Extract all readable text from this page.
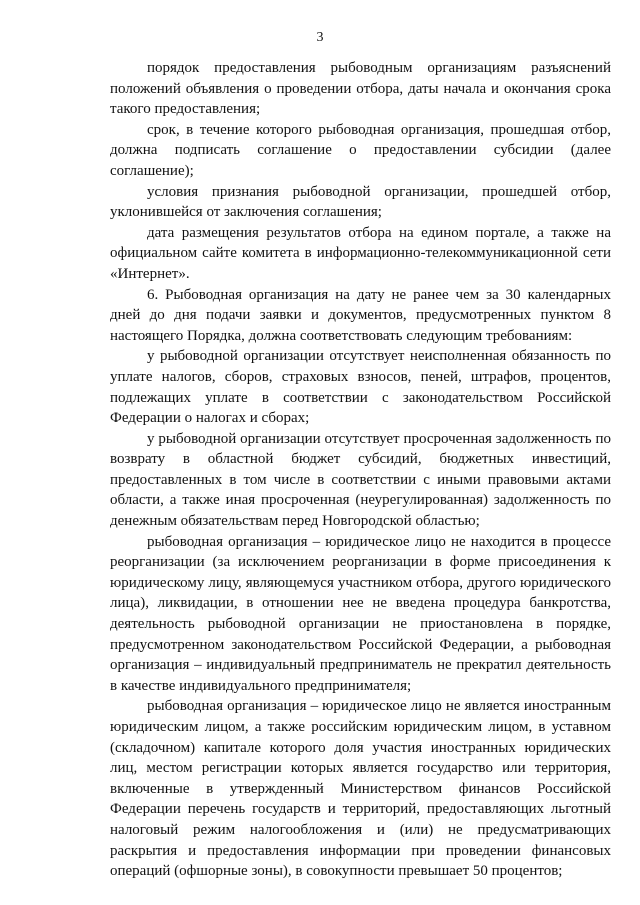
3

порядок предоставления рыбоводным организациям разъяснений положений объявления о проведении отбора, даты начала и окончания срока такого предоставления;

срок, в течение которого рыбоводная организация, прошедшая отбор, должна подписать соглашение о предоставлении субсидии (далее соглашение);

условия признания рыбоводной организации, прошедшей отбор, уклонившейся от заключения соглашения;

дата размещения результатов отбора на едином портале, а также на официальном сайте комитета в информационно-телекоммуникационной сети «Интернет».

6. Рыбоводная организация на дату не ранее чем за 30 календарных дней до дня подачи заявки и документов, предусмотренных пунктом 8 настоящего Порядка, должна соответствовать следующим требованиям:

у рыбоводной организации отсутствует неисполненная обязанность по уплате налогов, сборов, страховых взносов, пеней, штрафов, процентов, подлежащих уплате в соответствии с законодательством Российской Федерации о налогах и сборах;

у рыбоводной организации отсутствует просроченная задолженность по возврату в областной бюджет субсидий, бюджетных инвестиций, предоставленных в том числе в соответствии с иными правовыми актами области, а также иная просроченная (неурегулированная) задолженность по денежным обязательствам перед Новгородской областью;

рыбоводная организация – юридическое лицо не находится в процессе реорганизации (за исключением реорганизации в форме присоединения к юридическому лицу, являющемуся участником отбора, другого юридического лица), ликвидации, в отношении нее не введена процедура банкротства, деятельность рыбоводной организации не приостановлена в порядке, предусмотренном законодательством Российской Федерации, а рыбоводная организация – индивидуальный предприниматель не прекратил деятельность в качестве индивидуального предпринимателя;

рыбоводная организация – юридическое лицо не является иностранным юридическим лицом, а также российским юридическим лицом, в уставном (складочном) капитале которого доля участия иностранных юридических лиц, местом регистрации которых является государство или территория, включенные в утвержденный Министерством финансов Российской Федерации перечень государств и территорий, предоставляющих льготный налоговый режим налогообложения и (или) не предусматривающих раскрытия и предоставления информации при проведении финансовых операций (офшорные зоны), в совокупности превышает 50 процентов;
